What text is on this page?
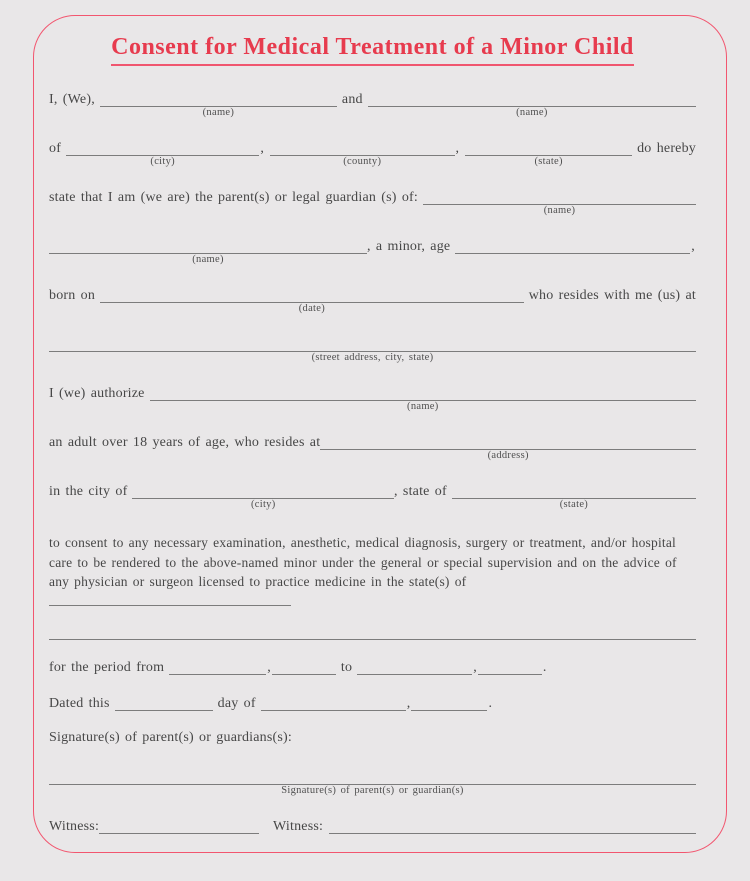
Consent for Medical Treatment of a Minor Child
I, (We),
(name)
and
(name)
of
(city)
,
(county)
,
(state)
do hereby
state that I am (we are) the parent(s) or legal guardian (s) of:
(name)
(name)
, a minor, age	,
born on
(date)
who resides with me (us) at
(street address, city, state)
I (we) authorize
(name)
an adult over 18 years of age, who resides at
(address)
in the city of
(city)
, state of
(state)
to consent to any necessary examination, anesthetic, medical diagnosis, surgery or treatment, and/or hospital care to be rendered to the above-named minor under the general or special supervision and on the advice of any physician or surgeon licensed to practice medicine in the state(s) of
for the period from	,	to	,	.
Dated this	day of	,	.
Signature(s) of parent(s) or guardians(s):
Signature(s) of parent(s) or guardian(s)
Witness:	Witness:
